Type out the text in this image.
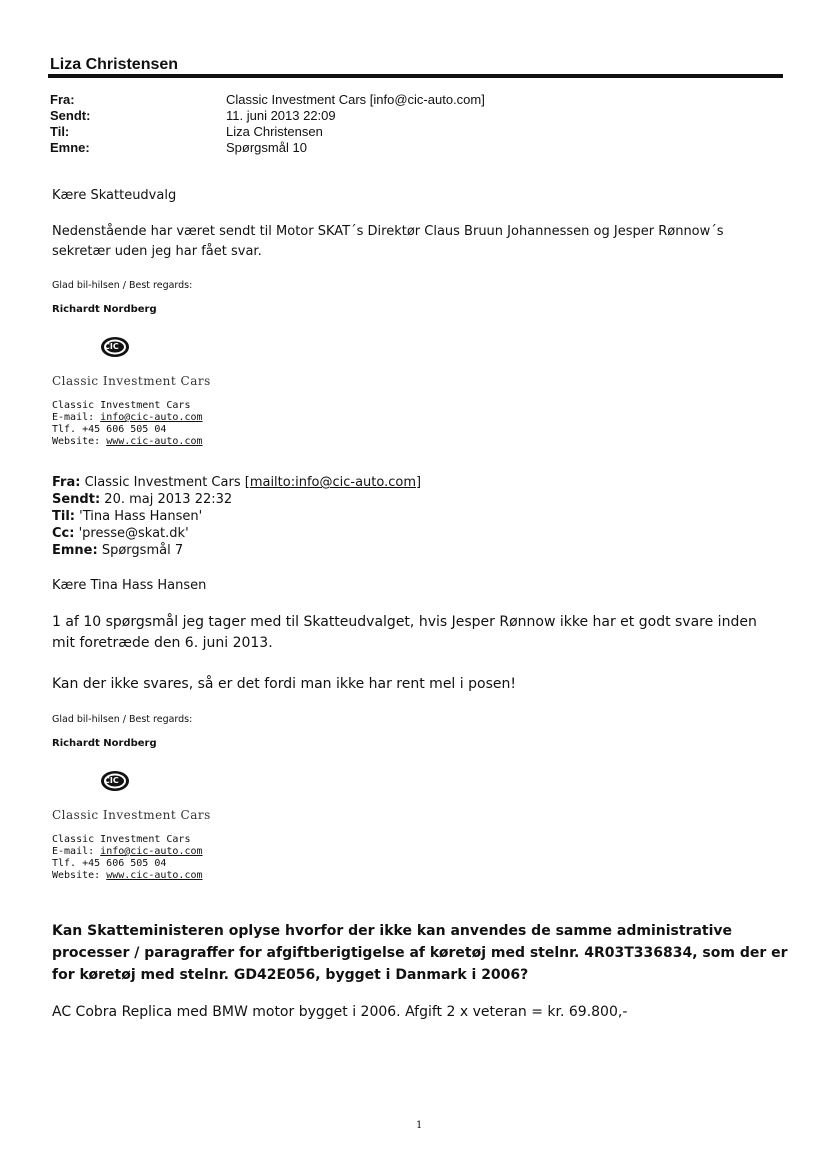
Liza Christensen
Fra:	Classic Investment Cars [info@cic-auto.com]
Sendt:	11. juni 2013 22:09
Til:	Liza Christensen
Emne:	Spørgsmål 10
Kære Skatteudvalg
Nedenstående har været sendt til Motor SKAT´s Direktør Claus Bruun Johannessen og Jesper Rønnow´s sekretær uden jeg har fået svar.
Glad bil-hilsen / Best regards:
Richardt Nordberg
CIC
Classic Investment Cars
Classic Investment Cars
E-mail: info@cic-auto.com
Tlf. +45 606 505 04
Website: www.cic-auto.com
Fra: Classic Investment Cars [mailto:info@cic-auto.com]
Sendt: 20. maj 2013 22:32
Til: 'Tina Hass Hansen'
Cc: 'presse@skat.dk'
Emne: Spørgsmål 7
Kære Tina Hass Hansen
1 af 10 spørgsmål jeg tager med til Skatteudvalget, hvis Jesper Rønnow ikke har et godt svare inden mit foretræde den 6. juni 2013.
Kan der ikke svares, så er det fordi man ikke har rent mel i posen!
Glad bil-hilsen / Best regards:
Richardt Nordberg
CIC
Classic Investment Cars
Classic Investment Cars
E-mail: info@cic-auto.com
Tlf. +45 606 505 04
Website: www.cic-auto.com
Kan Skatteministeren oplyse hvorfor der ikke kan anvendes de samme administrative processer / paragraffer for afgiftberigtigelse af køretøj med stelnr. 4R03T336834, som der er for køretøj med stelnr. GD42E056, bygget i Danmark i 2006?
AC Cobra Replica med BMW motor bygget i 2006. Afgift 2 x veteran = kr. 69.800,-
1
